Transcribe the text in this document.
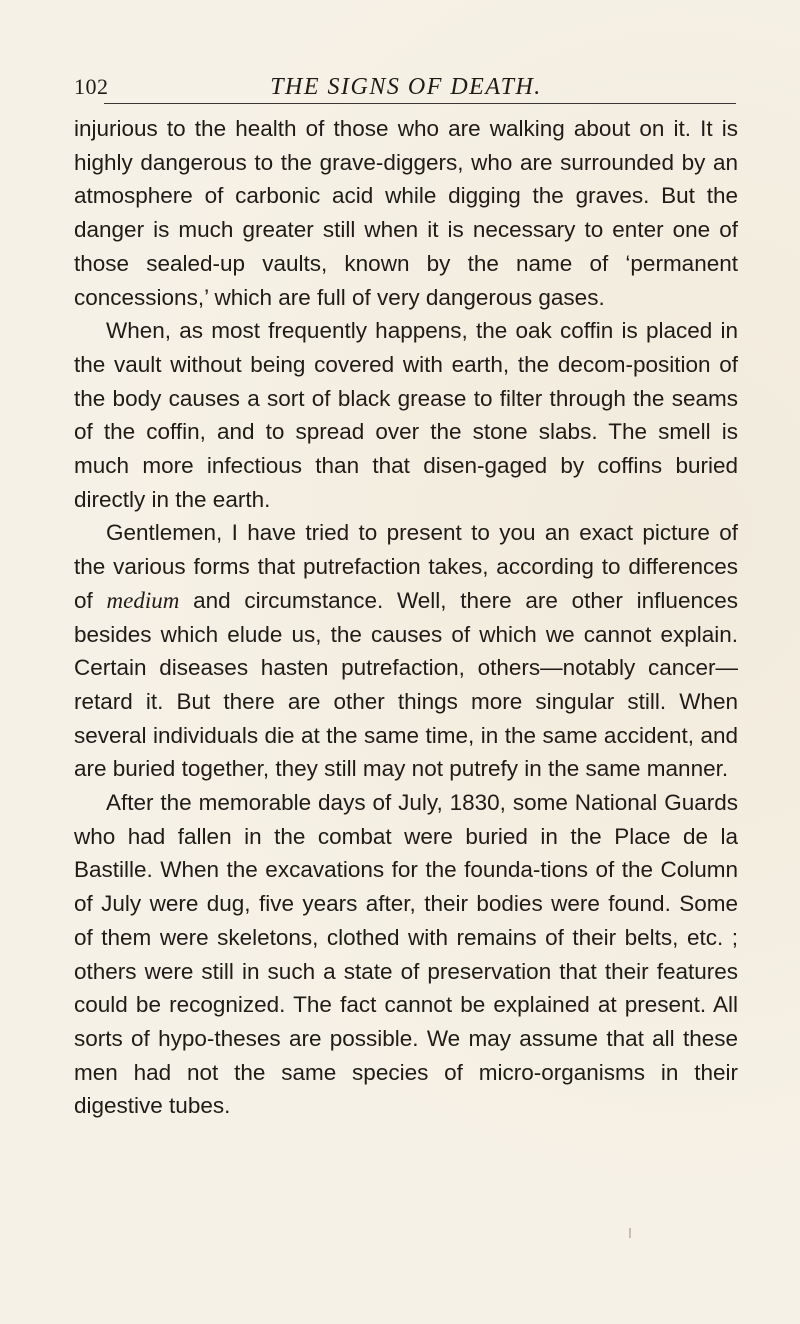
102	THE SIGNS OF DEATH.

injurious to the health of those who are walking about on it. It is highly dangerous to the grave-diggers, who are surrounded by an atmosphere of carbonic acid while digging the graves. But the danger is much greater still when it is necessary to enter one of those sealed-up vaults, known by the name of ‘permanent concessions,’ which are full of very dangerous gases.

When, as most frequently happens, the oak coffin is placed in the vault without being covered with earth, the decom-position of the body causes a sort of black grease to filter through the seams of the coffin, and to spread over the stone slabs. The smell is much more infectious than that disen-gaged by coffins buried directly in the earth.

Gentlemen, I have tried to present to you an exact picture of the various forms that putrefaction takes, according to differences of medium and circumstance. Well, there are other influences besides which elude us, the causes of which we cannot explain. Certain diseases hasten putrefaction, others—notably cancer—retard it. But there are other things more singular still. When several individuals die at the same time, in the same accident, and are buried together, they still may not putrefy in the same manner.

After the memorable days of July, 1830, some National Guards who had fallen in the combat were buried in the Place de la Bastille. When the excavations for the founda-tions of the Column of July were dug, five years after, their bodies were found. Some of them were skeletons, clothed with remains of their belts, etc. ; others were still in such a state of preservation that their features could be recognized. The fact cannot be explained at present. All sorts of hypo-theses are possible. We may assume that all these men had not the same species of micro-organisms in their digestive tubes.
